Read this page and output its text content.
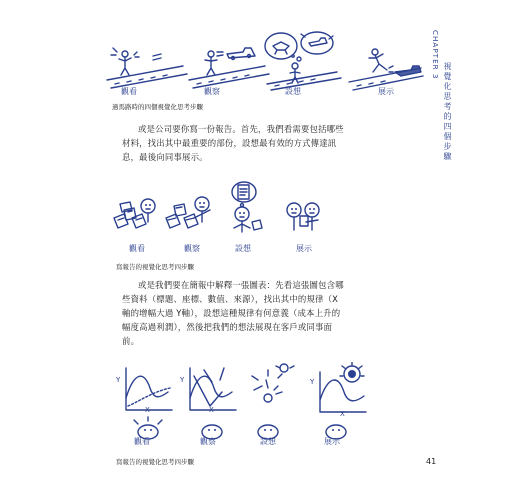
CHAPTER 3
視覺化思考的四個步驟
觀看	觀察	設想	展示
過馬路時的四個視覺化思考步驟

或是公司要你寫一份報告。首先，我們看需要包括哪些材料，找出其中最重要的部份，設想最有效的方式傳達訊息，最後向同事展示。

觀看	觀察	設想	展示
寫報告的視覺化思考四步驟

或是我們要在簡報中解釋一張圖表：先看這張圖包含哪些資料（標題、座標、數值、來源），找出其中的規律（X軸的增幅大過 Y軸），設想這種規律有何意義（成本上升的幅度高過利潤），然後把我們的想法展現在客戶或同事面前。

Y
X
Y
X
Y
X
觀看	觀察	設想	展示
寫報告的視覺化思考四步驟	41
